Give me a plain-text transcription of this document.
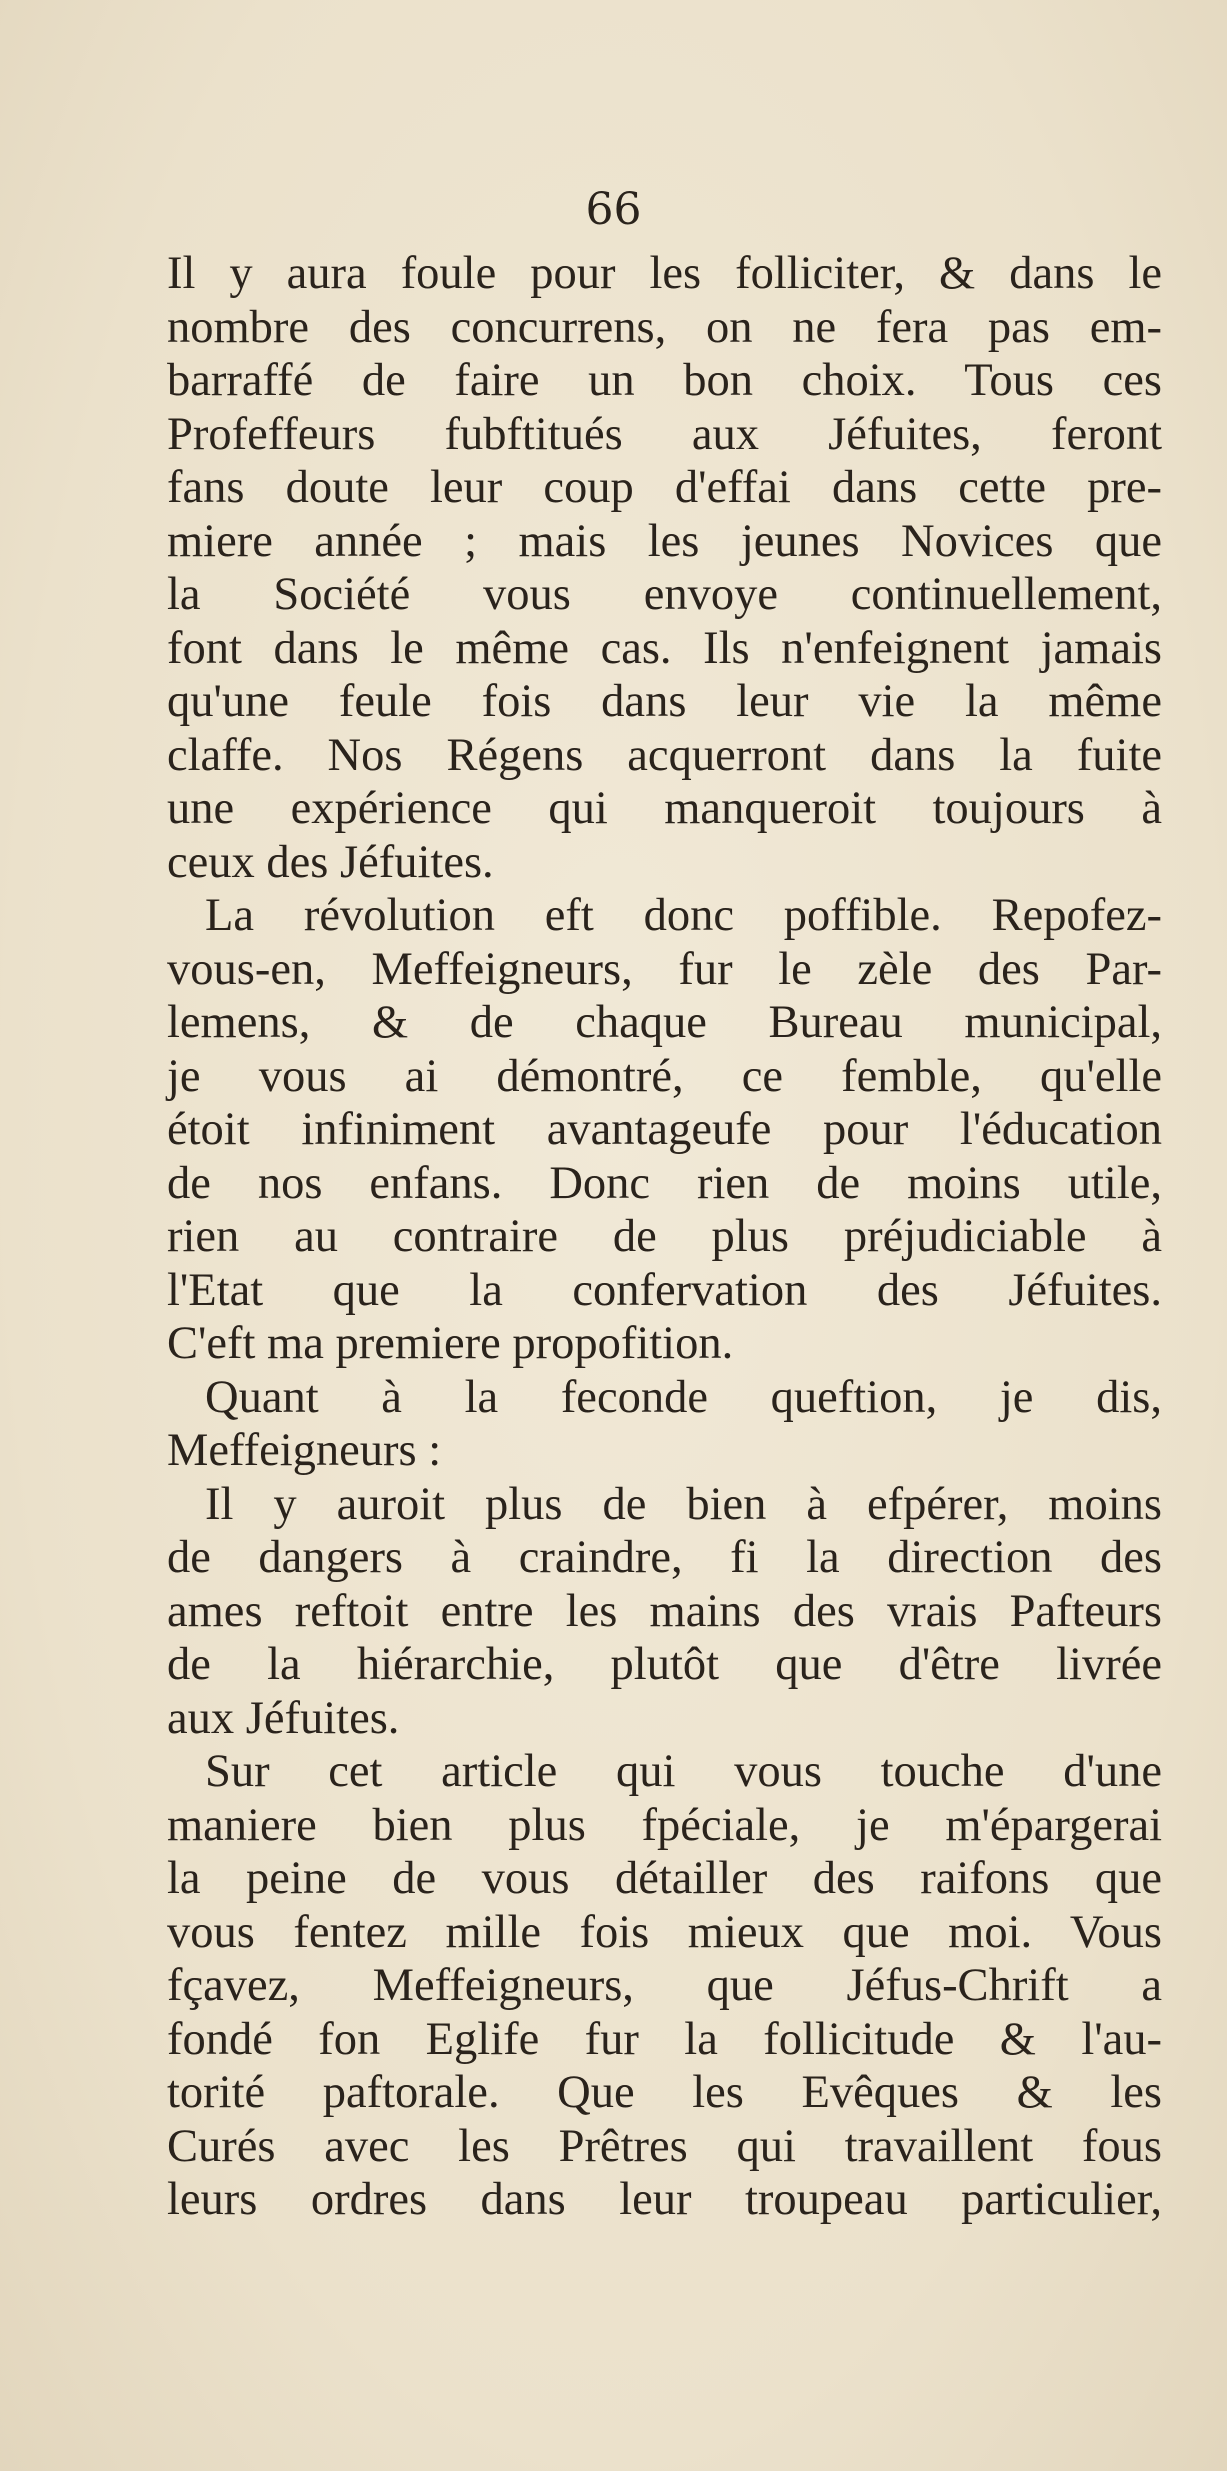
66
Il y aura foule pour les folliciter, & dans le
nombre des concurrens, on ne fera pas em-
barraffé de faire un bon choix. Tous ces
Profeffeurs fubftitués aux Jéfuites, feront
fans doute leur coup d'effai dans cette pre-
miere année ; mais les jeunes Novices que
la Société vous envoye continuellement,
font dans le même cas. Ils n'enfeignent jamais
qu'une feule fois dans leur vie la même
claffe. Nos Régens acquerront dans la fuite
une expérience qui manqueroit toujours à
ceux des Jéfuites.
La révolution eft donc poffible. Repofez-
vous-en, Meffeigneurs, fur le zèle des Par-
lemens, & de chaque Bureau municipal,
je vous ai démontré, ce femble, qu'elle
étoit infiniment avantageufe pour l'éducation
de nos enfans. Donc rien de moins utile,
rien au contraire de plus préjudiciable à
l'Etat que la confervation des Jéfuites.
C'eft ma premiere propofition.
Quant à la feconde queftion, je dis,
Meffeigneurs :
Il y auroit plus de bien à efpérer, moins
de dangers à craindre, fi la direction des
ames reftoit entre les mains des vrais Pafteurs
de la hiérarchie, plutôt que d'être livrée
aux Jéfuites.
Sur cet article qui vous touche d'une
maniere bien plus fpéciale, je m'épargerai
la peine de vous détailler des raifons que
vous fentez mille fois mieux que moi. Vous
fçavez, Meffeigneurs, que Jéfus-Chrift a
fondé fon Eglife fur la follicitude & l'au-
torité paftorale. Que les Evêques & les
Curés avec les Prêtres qui travaillent fous
leurs ordres dans leur troupeau particulier,
